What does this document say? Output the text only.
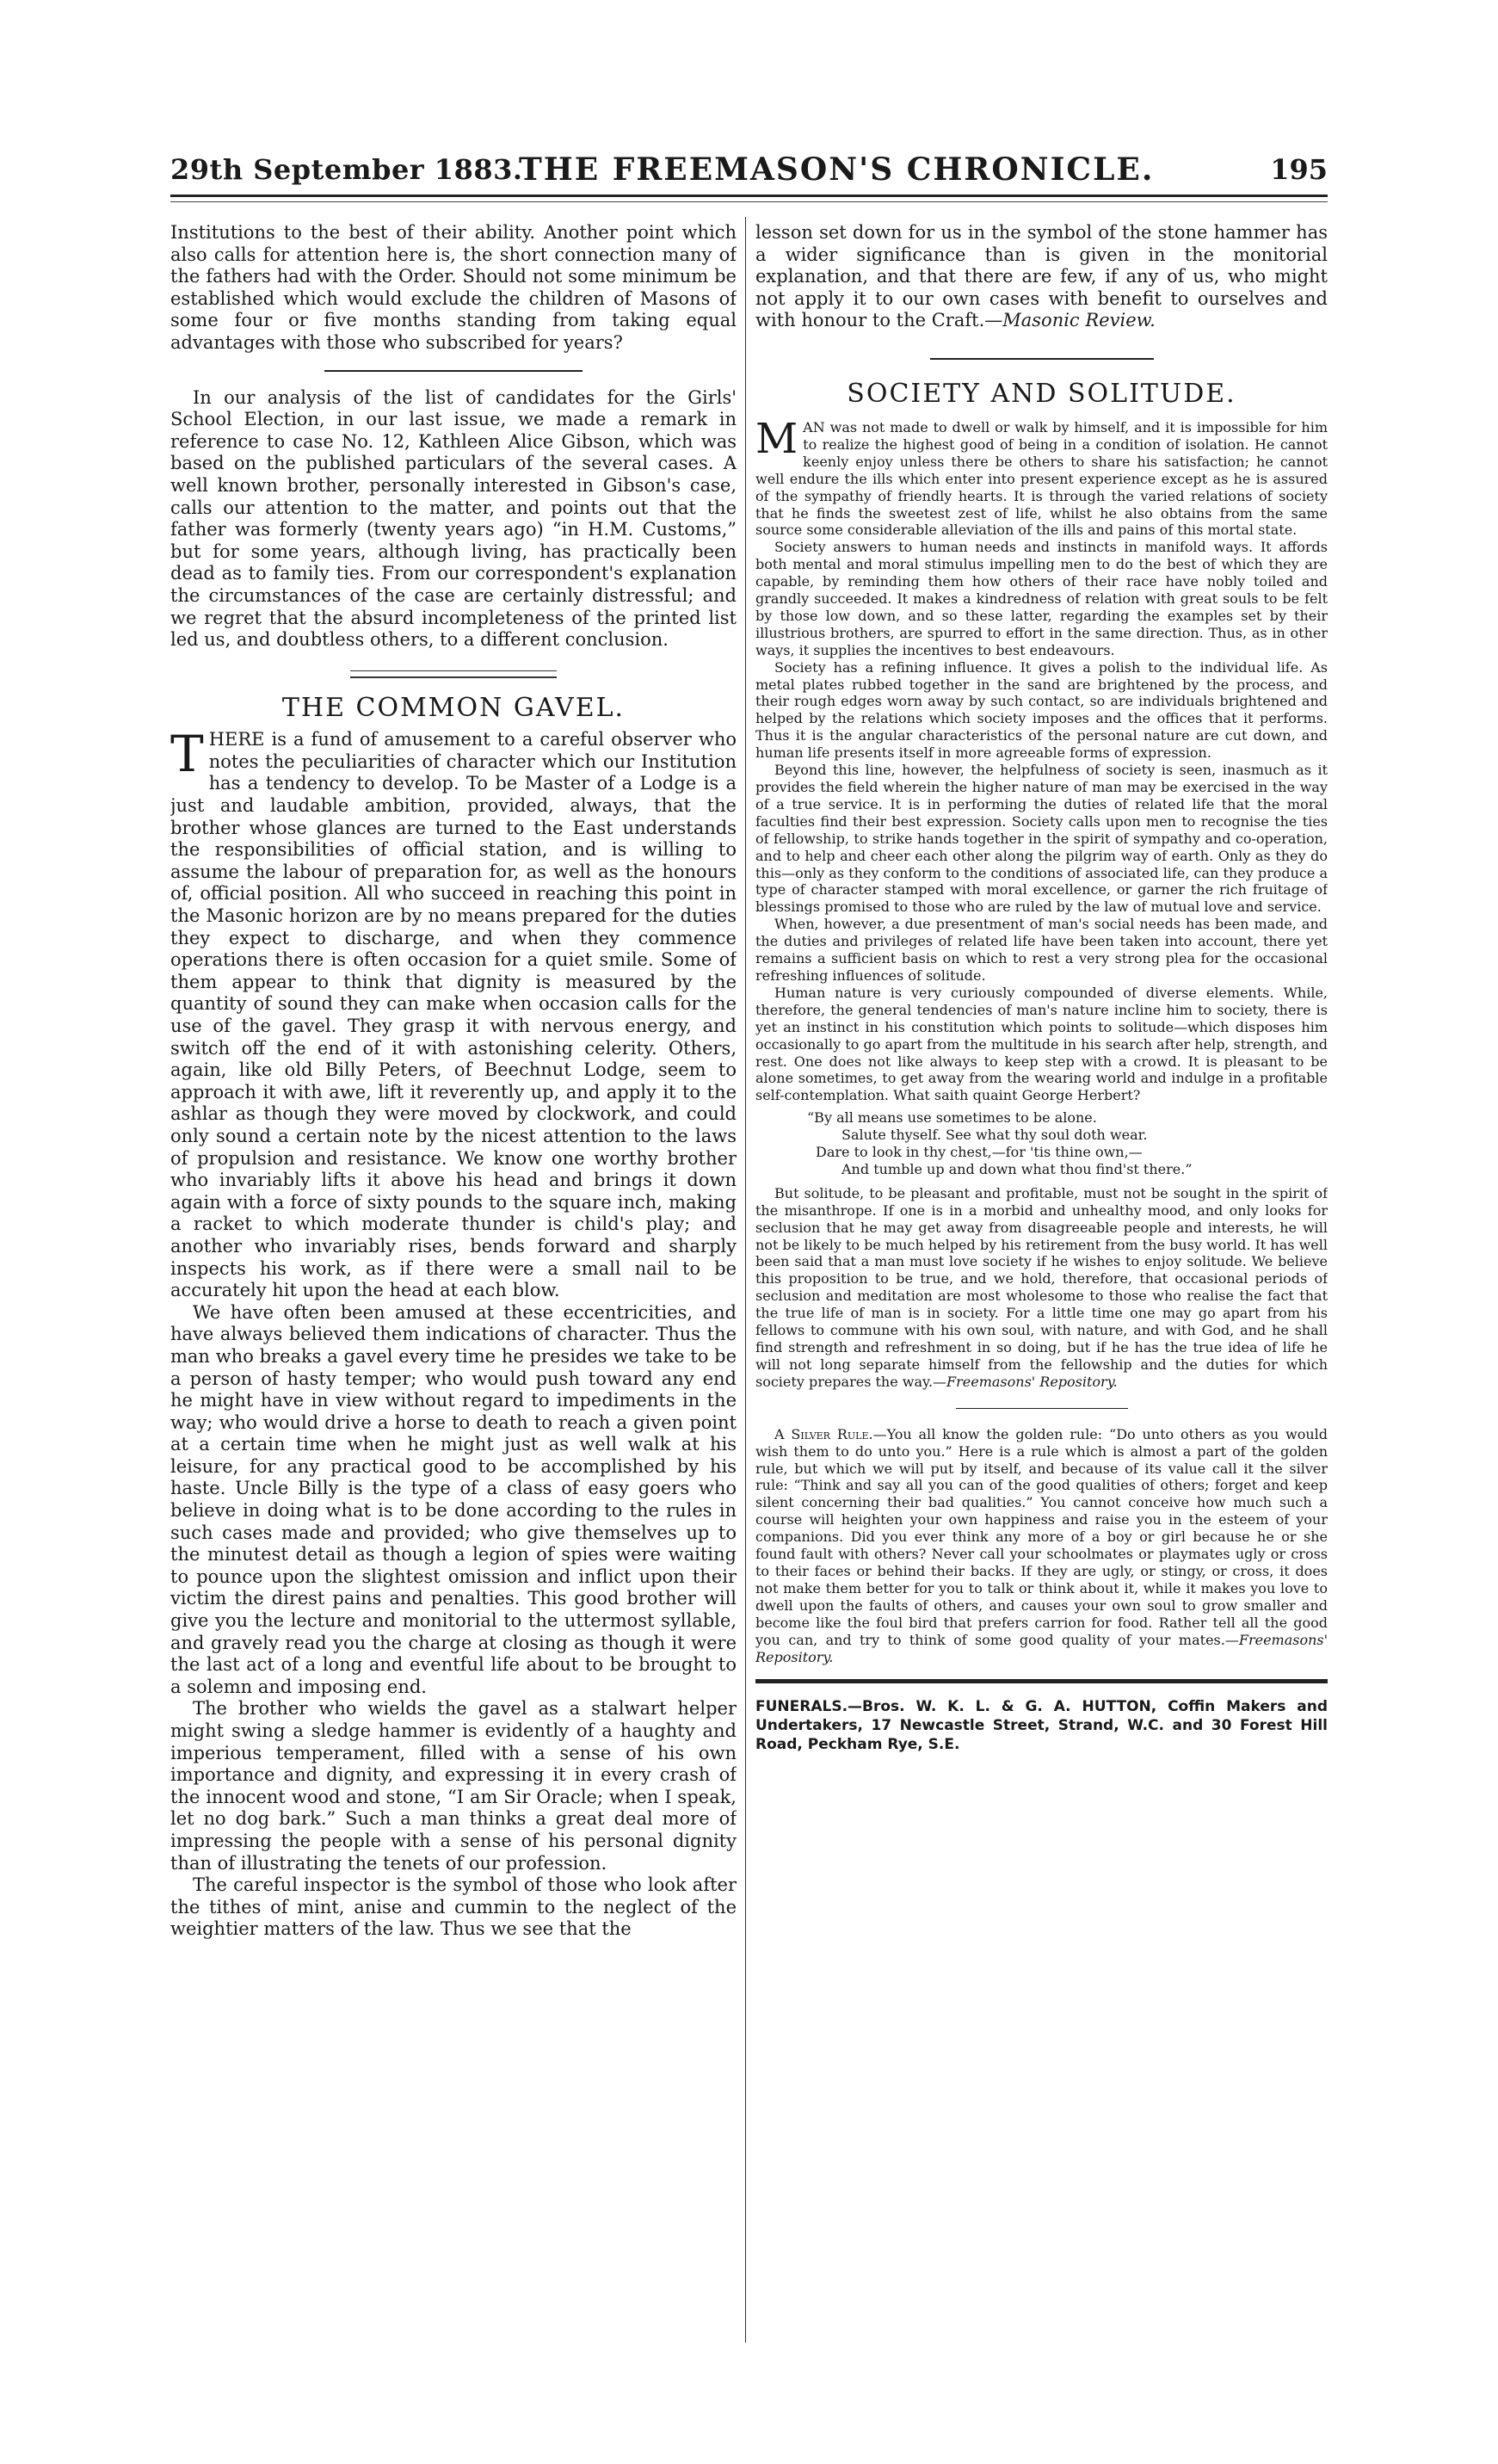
29th September 1883.
THE FREEMASON'S CHRONICLE.	195

Institutions to the best of their ability. Another point which also calls for attention here is, the short connection many of the fathers had with the Order. Should not some minimum be established which would exclude the children of Masons of some four or five months standing from taking equal advantages with those who subscribed for years?

In our analysis of the list of candidates for the Girls' School Election, in our last issue, we made a remark in reference to case No. 12, Kathleen Alice Gibson, which was based on the published particulars of the several cases. A well known brother, personally interested in Gibson's case, calls our attention to the matter, and points out that the father was formerly (twenty years ago) “in H.M. Customs,” but for some years, although living, has practically been dead as to family ties. From our correspondent's explanation the circumstances of the case are certainly distressful; and we regret that the absurd incompleteness of the printed list led us, and doubtless others, to a different conclusion.

THE COMMON GAVEL.

THERE is a fund of amusement to a careful observer who notes the peculiarities of character which our Institution has a tendency to develop. To be Master of a Lodge is a just and laudable ambition, provided, always, that the brother whose glances are turned to the East understands the responsibilities of official station, and is willing to assume the labour of preparation for, as well as the honours of, official position. All who succeed in reaching this point in the Masonic horizon are by no means prepared for the duties they expect to discharge, and when they commence operations there is often occasion for a quiet smile. Some of them appear to think that dignity is measured by the quantity of sound they can make when occasion calls for the use of the gavel. They grasp it with nervous energy, and switch off the end of it with astonishing celerity. Others, again, like old Billy Peters, of Beechnut Lodge, seem to approach it with awe, lift it reverently up, and apply it to the ashlar as though they were moved by clockwork, and could only sound a certain note by the nicest attention to the laws of propulsion and resistance. We know one worthy brother who invariably lifts it above his head and brings it down again with a force of sixty pounds to the square inch, making a racket to which moderate thunder is child's play; and another who invariably rises, bends forward and sharply inspects his work, as if there were a small nail to be accurately hit upon the head at each blow.

We have often been amused at these eccentricities, and have always believed them indications of character. Thus the man who breaks a gavel every time he presides we take to be a person of hasty temper; who would push toward any end he might have in view without regard to impediments in the way; who would drive a horse to death to reach a given point at a certain time when he might just as well walk at his leisure, for any practical good to be accomplished by his haste. Uncle Billy is the type of a class of easy goers who believe in doing what is to be done according to the rules in such cases made and provided; who give themselves up to the minutest detail as though a legion of spies were waiting to pounce upon the slightest omission and inflict upon their victim the direst pains and penalties. This good brother will give you the lecture and monitorial to the uttermost syllable, and gravely read you the charge at closing as though it were the last act of a long and eventful life about to be brought to a solemn and imposing end.

The brother who wields the gavel as a stalwart helper might swing a sledge hammer is evidently of a haughty and imperious temperament, filled with a sense of his own importance and dignity, and expressing it in every crash of the innocent wood and stone, “I am Sir Oracle; when I speak, let no dog bark.” Such a man thinks a great deal more of impressing the people with a sense of his personal dignity than of illustrating the tenets of our profession.

The careful inspector is the symbol of those who look after the tithes of mint, anise and cummin to the neglect of the weightier matters of the law. Thus we see that the

lesson set down for us in the symbol of the stone hammer has a wider significance than is given in the monitorial explanation, and that there are few, if any of us, who might not apply it to our own cases with benefit to ourselves and with honour to the Craft.—Masonic Review.

SOCIETY AND SOLITUDE.

MAN was not made to dwell or walk by himself, and it is impossible for him to realize the highest good of being in a condition of isolation. He cannot keenly enjoy unless there be others to share his satisfaction; he cannot well endure the ills which enter into present experience except as he is assured of the sympathy of friendly hearts. It is through the varied relations of society that he finds the sweetest zest of life, whilst he also obtains from the same source some considerable alleviation of the ills and pains of this mortal state.

Society answers to human needs and instincts in manifold ways. It affords both mental and moral stimulus impelling men to do the best of which they are capable, by reminding them how others of their race have nobly toiled and grandly succeeded. It makes a kindredness of relation with great souls to be felt by those low down, and so these latter, regarding the examples set by their illustrious brothers, are spurred to effort in the same direction. Thus, as in other ways, it supplies the incentives to best endeavours.

Society has a refining influence. It gives a polish to the individual life. As metal plates rubbed together in the sand are brightened by the process, and their rough edges worn away by such contact, so are individuals brightened and helped by the relations which society imposes and the offices that it performs. Thus it is the angular characteristics of the personal nature are cut down, and human life presents itself in more agreeable forms of expression.

Beyond this line, however, the helpfulness of society is seen, inasmuch as it provides the field wherein the higher nature of man may be exercised in the way of a true service. It is in performing the duties of related life that the moral faculties find their best expression. Society calls upon men to recognise the ties of fellowship, to strike hands together in the spirit of sympathy and co-operation, and to help and cheer each other along the pilgrim way of earth. Only as they do this—only as they conform to the conditions of associated life, can they produce a type of character stamped with moral excellence, or garner the rich fruitage of blessings promised to those who are ruled by the law of mutual love and service.

When, however, a due presentment of man's social needs has been made, and the duties and privileges of related life have been taken into account, there yet remains a sufficient basis on which to rest a very strong plea for the occasional refreshing influences of solitude.

Human nature is very curiously compounded of diverse elements. While, therefore, the general tendencies of man's nature incline him to society, there is yet an instinct in his constitution which points to solitude—which disposes him occasionally to go apart from the multitude in his search after help, strength, and rest. One does not like always to keep step with a crowd. It is pleasant to be alone sometimes, to get away from the wearing world and indulge in a profitable self-contemplation. What saith quaint George Herbert?

“By all means use sometimes to be alone.
Salute thyself. See what thy soul doth wear.
Dare to look in thy chest,—for 'tis thine own,—
And tumble up and down what thou find'st there.”

But solitude, to be pleasant and profitable, must not be sought in the spirit of the misanthrope. If one is in a morbid and unhealthy mood, and only looks for seclusion that he may get away from disagreeable people and interests, he will not be likely to be much helped by his retirement from the busy world. It has well been said that a man must love society if he wishes to enjoy solitude. We believe this proposition to be true, and we hold, therefore, that occasional periods of seclusion and meditation are most wholesome to those who realise the fact that the true life of man is in society. For a little time one may go apart from his fellows to commune with his own soul, with nature, and with God, and he shall find strength and refreshment in so doing, but if he has the true idea of life he will not long separate himself from the fellowship and the duties for which society prepares the way.—Freemasons' Repository.

A Silver Rule.—You all know the golden rule: “Do unto others as you would wish them to do unto you.” Here is a rule which is almost a part of the golden rule, but which we will put by itself, and because of its value call it the silver rule: “Think and say all you can of the good qualities of others; forget and keep silent concerning their bad qualities.” You cannot conceive how much such a course will heighten your own happiness and raise you in the esteem of your companions. Did you ever think any more of a boy or girl because he or she found fault with others? Never call your schoolmates or playmates ugly or cross to their faces or behind their backs. If they are ugly, or stingy, or cross, it does not make them better for you to talk or think about it, while it makes you love to dwell upon the faults of others, and causes your own soul to grow smaller and become like the foul bird that prefers carrion for food. Rather tell all the good you can, and try to think of some good quality of your mates.—Freemasons' Repository.

FUNERALS.—Bros. W. K. L. & G. A. HUTTON, Coffin Makers and Undertakers, 17 Newcastle Street, Strand, W.C. and 30 Forest Hill Road, Peckham Rye, S.E.
